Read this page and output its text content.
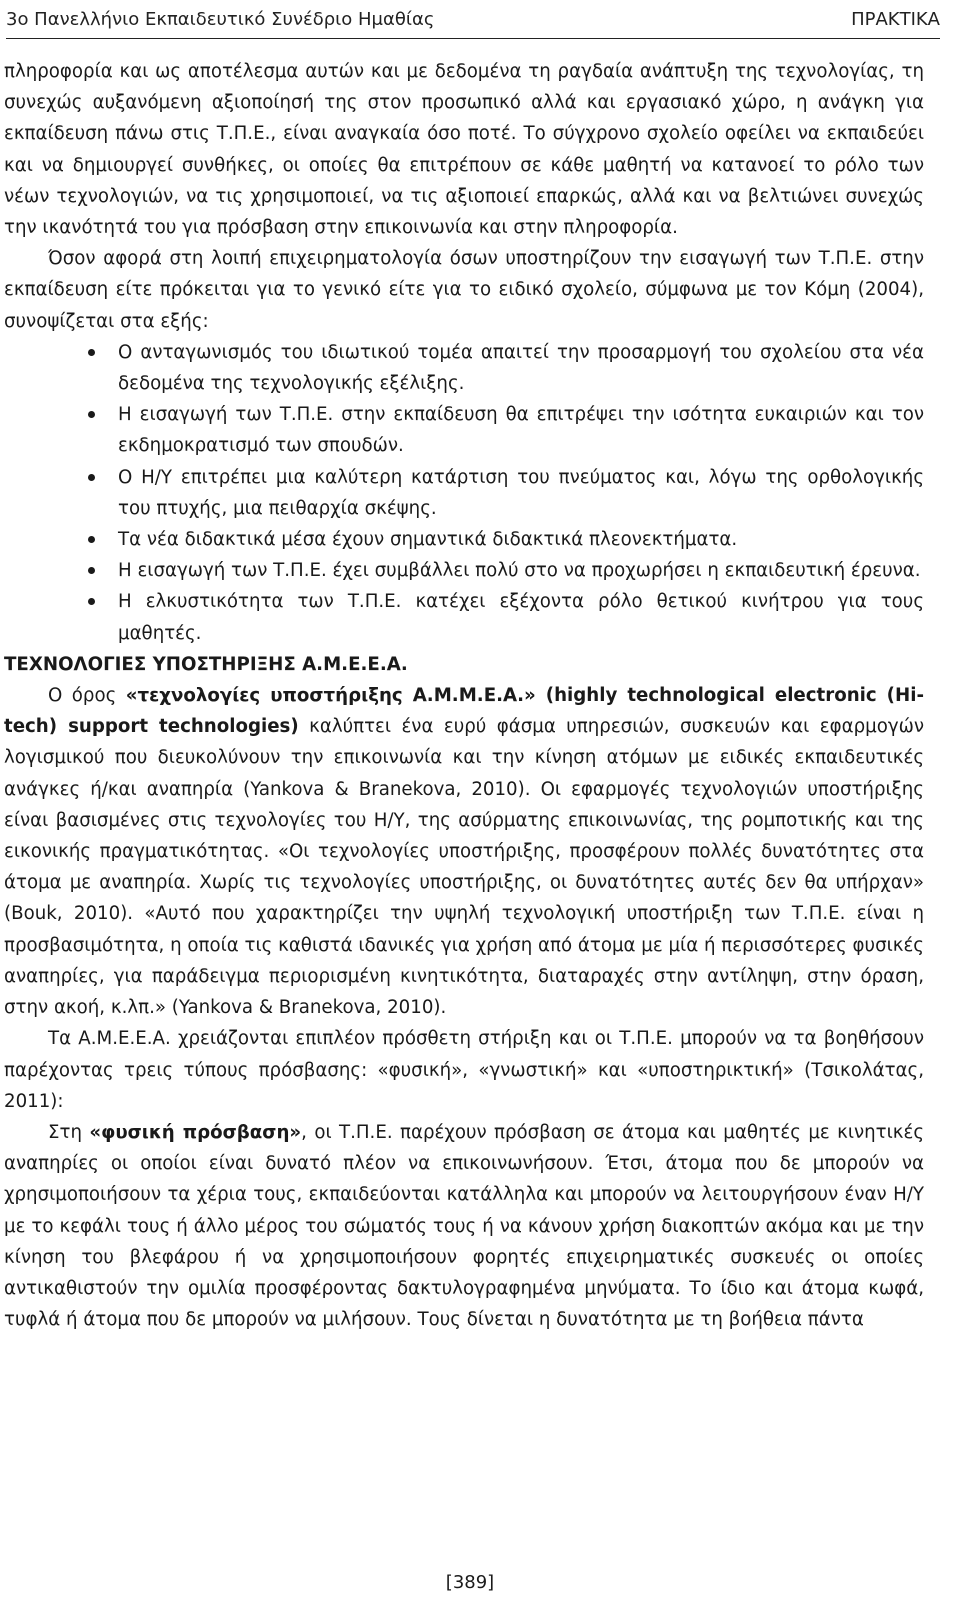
3ο Πανελλήνιο Εκπαιδευτικό Συνέδριο Ημαθίας	ΠΡΑΚΤΙΚΑ

πληροφορία και ως αποτέλεσμα αυτών και με δεδομένα τη ραγδαία ανάπτυξη της τεχνολογίας, τη συνεχώς αυξανόμενη αξιοποίησή της στον προσωπικό αλλά και εργασιακό χώρο, η ανάγκη για εκπαίδευση πάνω στις Τ.Π.Ε., είναι αναγκαία όσο ποτέ. Το σύγχρονο σχολείο οφείλει να εκπαιδεύει και να δημιουργεί συνθήκες, οι οποίες θα επιτρέπουν σε κάθε μαθητή να κατανοεί το ρόλο των νέων τεχνολογιών, να τις χρησιμοποιεί, να τις αξιοποιεί επαρκώς, αλλά και να βελτιώνει συνεχώς την ικανότητά του για πρόσβαση στην επικοινωνία και στην πληροφορία.

Όσον αφορά στη λοιπή επιχειρηματολογία όσων υποστηρίζουν την εισαγωγή των Τ.Π.Ε. στην εκπαίδευση είτε πρόκειται για το γενικό είτε για το ειδικό σχολείο, σύμφωνα με τον Κόμη (2004), συνοψίζεται στα εξής:

Ο ανταγωνισμός του ιδιωτικού τομέα απαιτεί την προσαρμογή του σχολείου στα νέα δεδομένα της τεχνολογικής εξέλιξης.
Η εισαγωγή των Τ.Π.Ε. στην εκπαίδευση θα επιτρέψει την ισότητα ευκαιριών και τον εκδημοκρατισμό των σπουδών.
Ο Η/Υ επιτρέπει μια καλύτερη κατάρτιση του πνεύματος και, λόγω της ορθολογικής του πτυχής, μια πειθαρχία σκέψης.
Τα νέα διδακτικά μέσα έχουν σημαντικά διδακτικά πλεονεκτήματα.
Η εισαγωγή των Τ.Π.Ε. έχει συμβάλλει πολύ στο να προχωρήσει η εκπαιδευτική έρευνα.
Η ελκυστικότητα των Τ.Π.Ε. κατέχει εξέχοντα ρόλο θετικού κινήτρου για τους μαθητές.

ΤΕΧΝΟΛΟΓΙΕΣ ΥΠΟΣΤΗΡΙΞΗΣ Α.Μ.Ε.Ε.Α.

Ο όρος «τεχνολογίες υποστήριξης Α.Μ.Μ.Ε.Α.» (highly technological electronic (Hi-tech) support technologies) καλύπτει ένα ευρύ φάσμα υπηρεσιών, συσκευών και εφαρμογών λογισμικού που διευκολύνουν την επικοινωνία και την κίνηση ατόμων με ειδικές εκπαιδευτικές ανάγκες ή/και αναπηρία (Yankova & Branekova, 2010). Οι εφαρμογές τεχνολογιών υποστήριξης είναι βασισμένες στις τεχνολογίες του Η/Υ, της ασύρματης επικοινωνίας, της ρομποτικής και της εικονικής πραγματικότητας. «Οι τεχνολογίες υποστήριξης, προσφέρουν πολλές δυνατότητες στα άτομα με αναπηρία. Χωρίς τις τεχνολογίες υποστήριξης, οι δυνατότητες αυτές δεν θα υπήρχαν» (Bouk, 2010). «Αυτό που χαρακτηρίζει την υψηλή τεχνολογική υποστήριξη των Τ.Π.Ε. είναι η προσβασιμότητα, η οποία τις καθιστά ιδανικές για χρήση από άτομα με μία ή περισσότερες φυσικές αναπηρίες, για παράδειγμα περιορισμένη κινητικότητα, διαταραχές στην αντίληψη, στην όραση, στην ακοή, κ.λπ.» (Yankova & Branekova, 2010).

Τα Α.Μ.Ε.Ε.Α. χρειάζονται επιπλέον πρόσθετη στήριξη και οι Τ.Π.Ε. μπορούν να τα βοηθήσουν παρέχοντας τρεις τύπους πρόσβασης: «φυσική», «γνωστική» και «υποστηρικτική» (Τσικολάτας, 2011):

Στη «φυσική πρόσβαση», οι Τ.Π.Ε. παρέχουν πρόσβαση σε άτομα και μαθητές με κινητικές αναπηρίες οι οποίοι είναι δυνατό πλέον να επικοινωνήσουν. Έτσι, άτομα που δε μπορούν να χρησιμοποιήσουν τα χέρια τους, εκπαιδεύονται κατάλληλα και μπορούν να λειτουργήσουν έναν Η/Υ με το κεφάλι τους ή άλλο μέρος του σώματός τους ή να κάνουν χρήση διακοπτών ακόμα και με την κίνηση του βλεφάρου ή να χρησιμοποιήσουν φορητές επιχειρηματικές συσκευές οι οποίες αντικαθιστούν την ομιλία προσφέροντας δακτυλογραφημένα μηνύματα. Το ίδιο και άτομα κωφά, τυφλά ή άτομα που δε μπορούν να μιλήσουν. Τους δίνεται η δυνατότητα με τη βοήθεια πάντα

[389]
